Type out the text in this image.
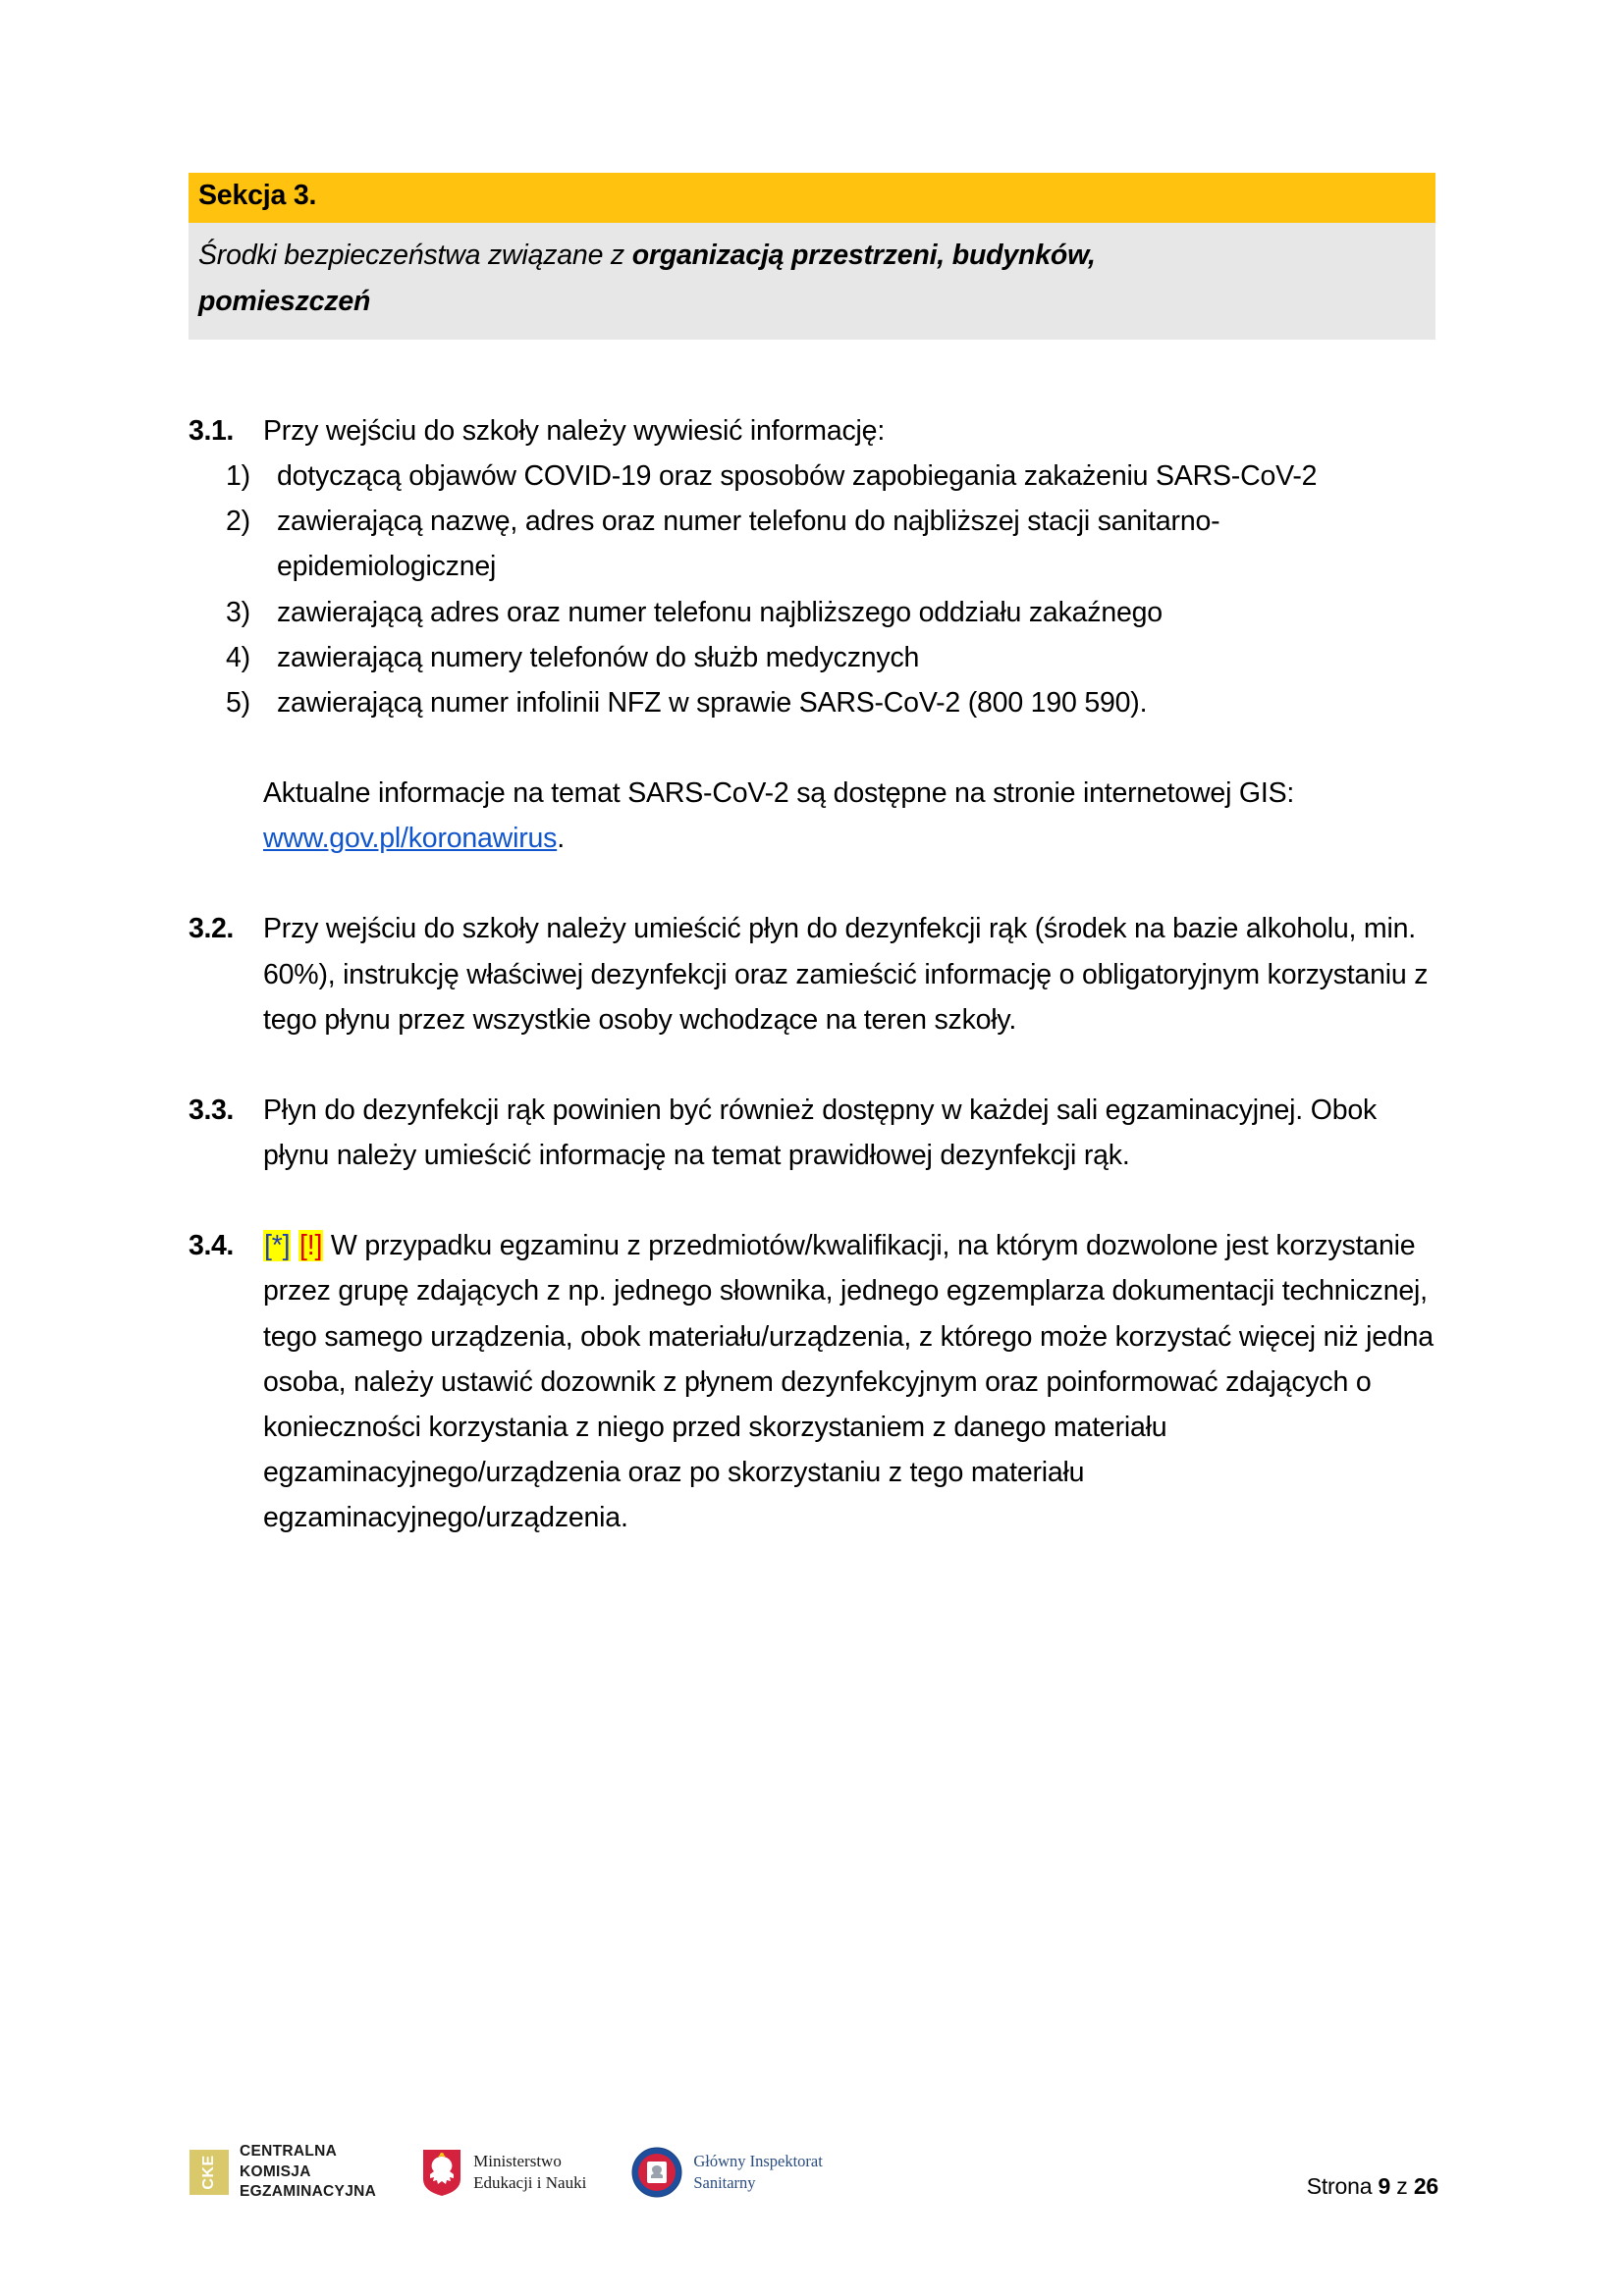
Sekcja 3.
Środki bezpieczeństwa związane z organizacją przestrzeni, budynków,
pomieszczeń
3.1.	Przy wejściu do szkoły należy wywiesić informację:

1) dotyczącą objawów COVID-19 oraz sposobów zapobiegania zakażeniu SARS-CoV-2
2) zawierającą nazwę, adres oraz numer telefonu do najbliższej stacji sanitarno-epidemiologicznej
3) zawierającą adres oraz numer telefonu najbliższego oddziału zakaźnego
4) zawierającą numery telefonów do służb medycznych
5) zawierającą numer infolinii NFZ w sprawie SARS-CoV-2 (800 190 590).

Aktualne informacje na temat SARS-CoV-2 są dostępne na stronie internetowej GIS: www.gov.pl/koronawirus.

3.2.	Przy wejściu do szkoły należy umieścić płyn do dezynfekcji rąk (środek na bazie alkoholu, min. 60%), instrukcję właściwej dezynfekcji oraz zamieścić informację o obligatoryjnym korzystaniu z tego płynu przez wszystkie osoby wchodzące na teren szkoły.

3.3.	Płyn do dezynfekcji rąk powinien być również dostępny w każdej sali egzaminacyjnej. Obok płynu należy umieścić informację na temat prawidłowej dezynfekcji rąk.

3.4.	[*] [!] W przypadku egzaminu z przedmiotów/kwalifikacji, na którym dozwolone jest korzystanie przez grupę zdających z np. jednego słownika, jednego egzemplarza dokumentacji technicznej, tego samego urządzenia, obok materiału/urządzenia, z którego może korzystać więcej niż jedna osoba, należy ustawić dozownik z płynem dezynfekcyjnym oraz poinformować zdających o konieczności korzystania z niego przed skorzystaniem z danego materiału egzaminacyjnego/urządzenia oraz po skorzystaniu z tego materiału egzaminacyjnego/urządzenia.

CKE
CENTRALNA
KOMISJA
EGZAMINACYJNA
Ministerstwo
Edukacji i Nauki
Główny Inspektorat
Sanitarny	Strona 9 z 26
